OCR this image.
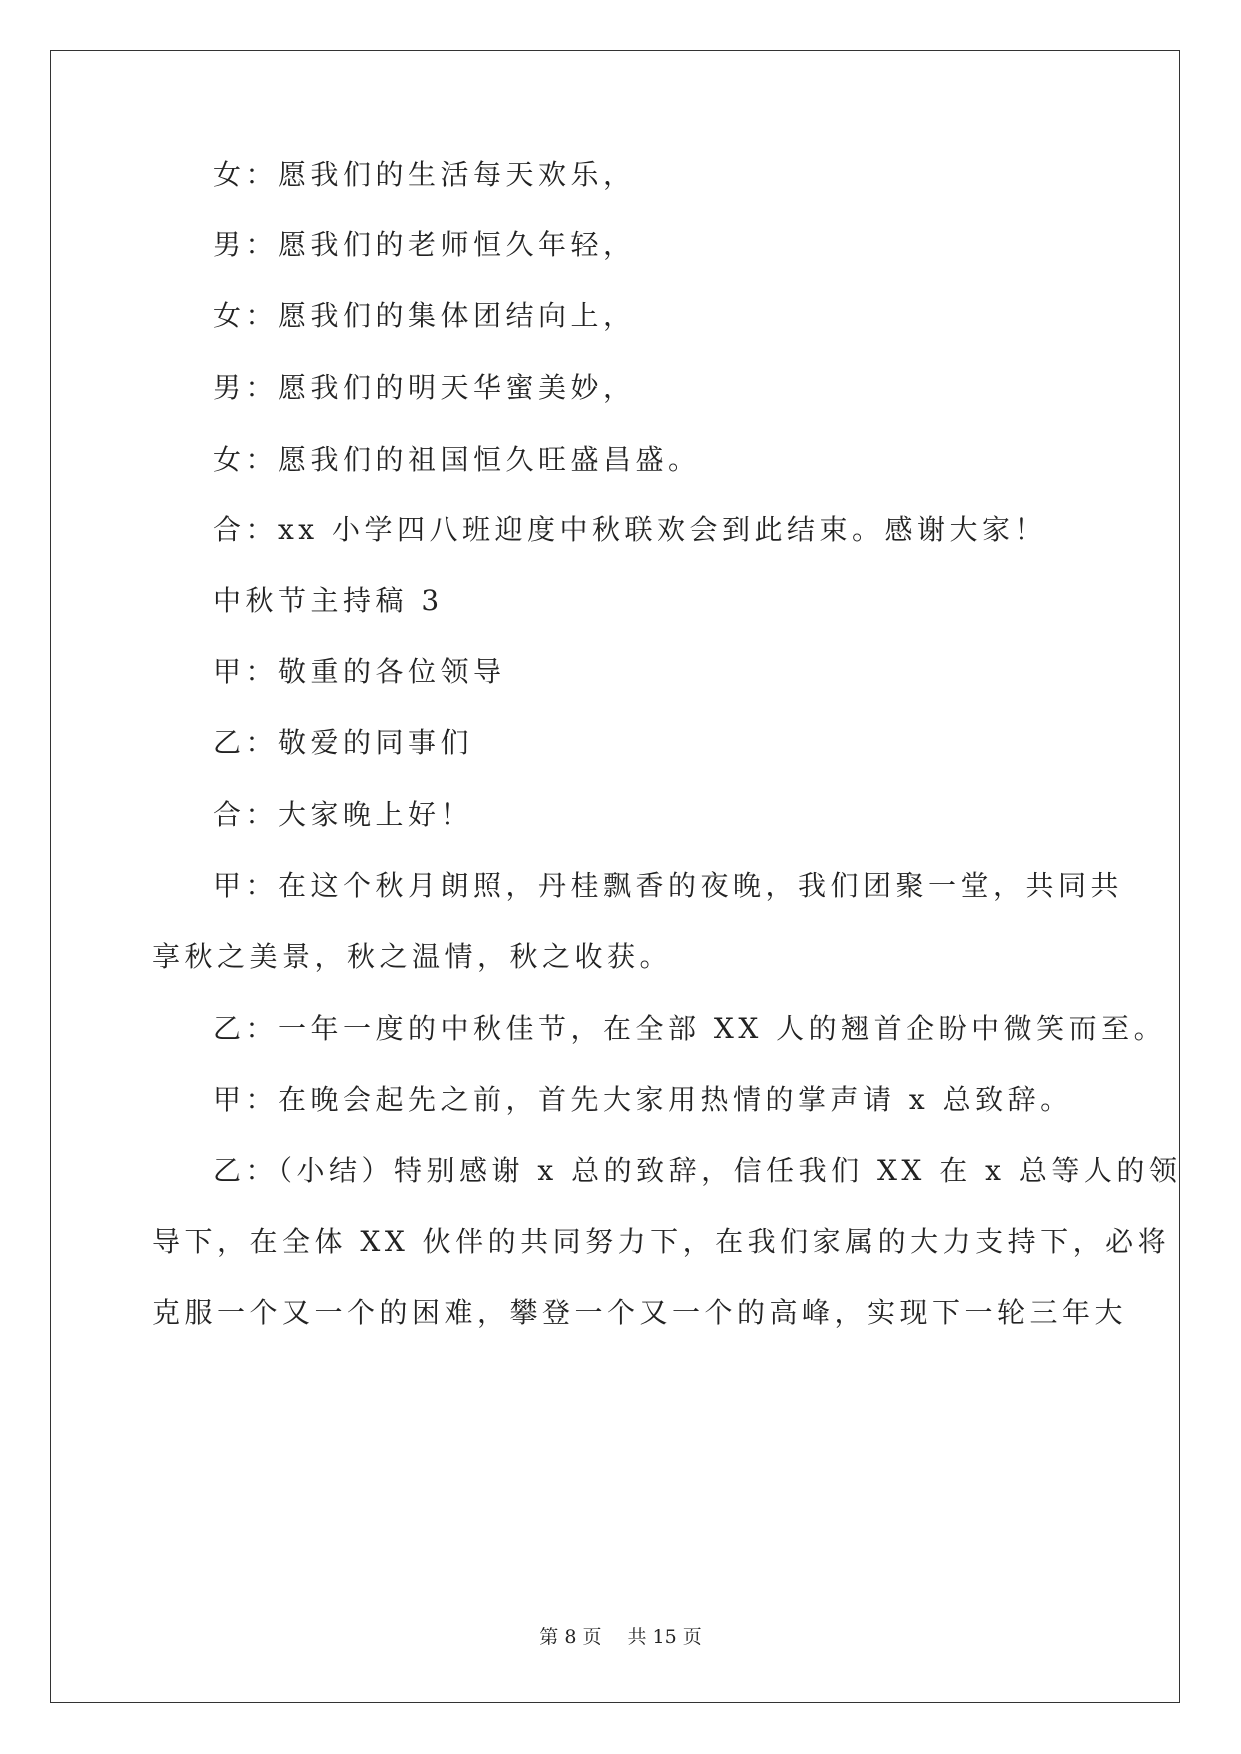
女：愿我们的生活每天欢乐，
男：愿我们的老师恒久年轻，
女：愿我们的集体团结向上，
男：愿我们的明天华蜜美妙，
女：愿我们的祖国恒久旺盛昌盛。
合：xx 小学四八班迎度中秋联欢会到此结束。感谢大家！
中秋节主持稿 3
甲：敬重的各位领导
乙：敬爱的同事们
合：大家晚上好！
甲：在这个秋月朗照，丹桂飘香的夜晚，我们团聚一堂，共同共
享秋之美景，秋之温情，秋之收获。
乙：一年一度的中秋佳节，在全部 XX 人的翘首企盼中微笑而至。
甲：在晚会起先之前，首先大家用热情的掌声请 x 总致辞。
乙：（小结）特别感谢 x 总的致辞，信任我们 XX 在 x 总等人的领
导下，在全体 XX 伙伴的共同努力下，在我们家属的大力支持下，必将
克服一个又一个的困难，攀登一个又一个的高峰，实现下一轮三年大
第 8 页 共 15 页
